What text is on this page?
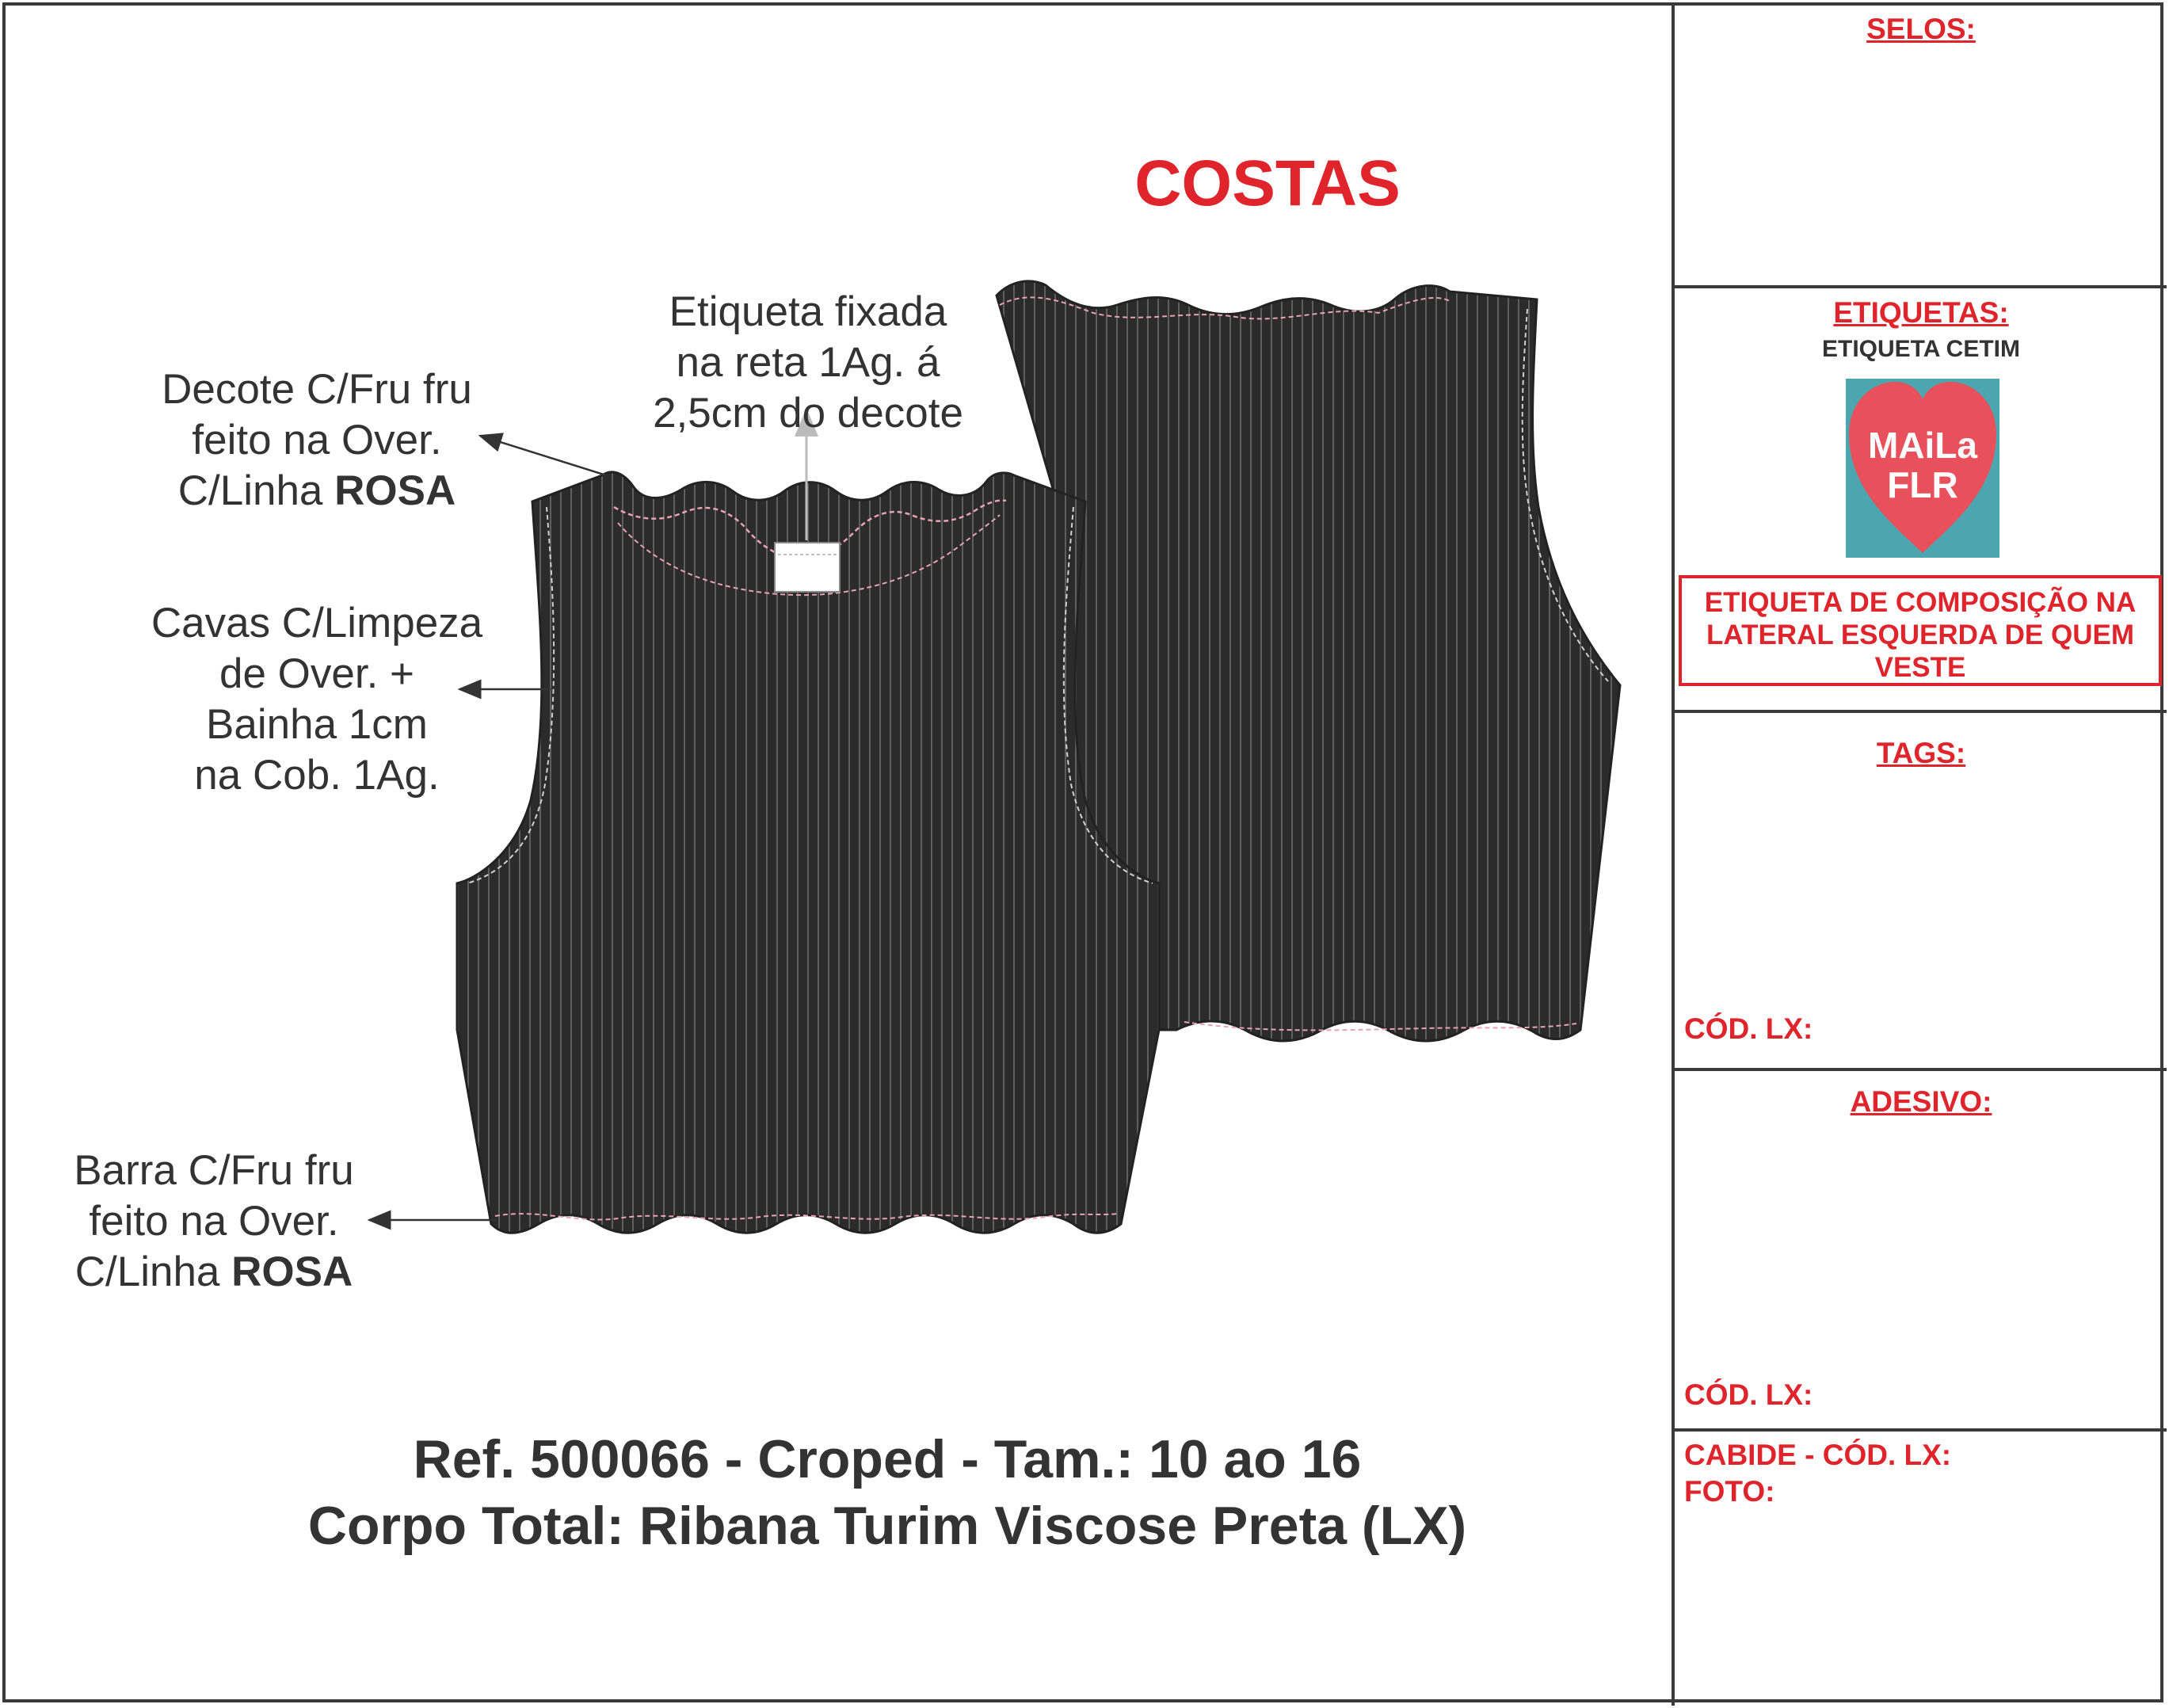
COSTAS
Etiqueta fixada
na reta 1Ag. á
2,5cm do decote
Decote C/Fru fru
feito na Over.
C/Linha ROSA
Cavas C/Limpeza
de Over. +
Bainha 1cm
na Cob. 1Ag.
Barra C/Fru fru
feito na Over.
C/Linha ROSA
Ref. 500066 - Croped - Tam.: 10 ao 16
Corpo Total: Ribana Turim Viscose Preta (LX)
SELOS:
ETIQUETAS:
ETIQUETA CETIM
MAiLa
FLR
ETIQUETA DE COMPOSIÇÃO NA
LATERAL ESQUERDA DE QUEM
VESTE
TAGS:
CÓD. LX:
ADESIVO:
CÓD. LX:
CABIDE - CÓD. LX:
FOTO:
